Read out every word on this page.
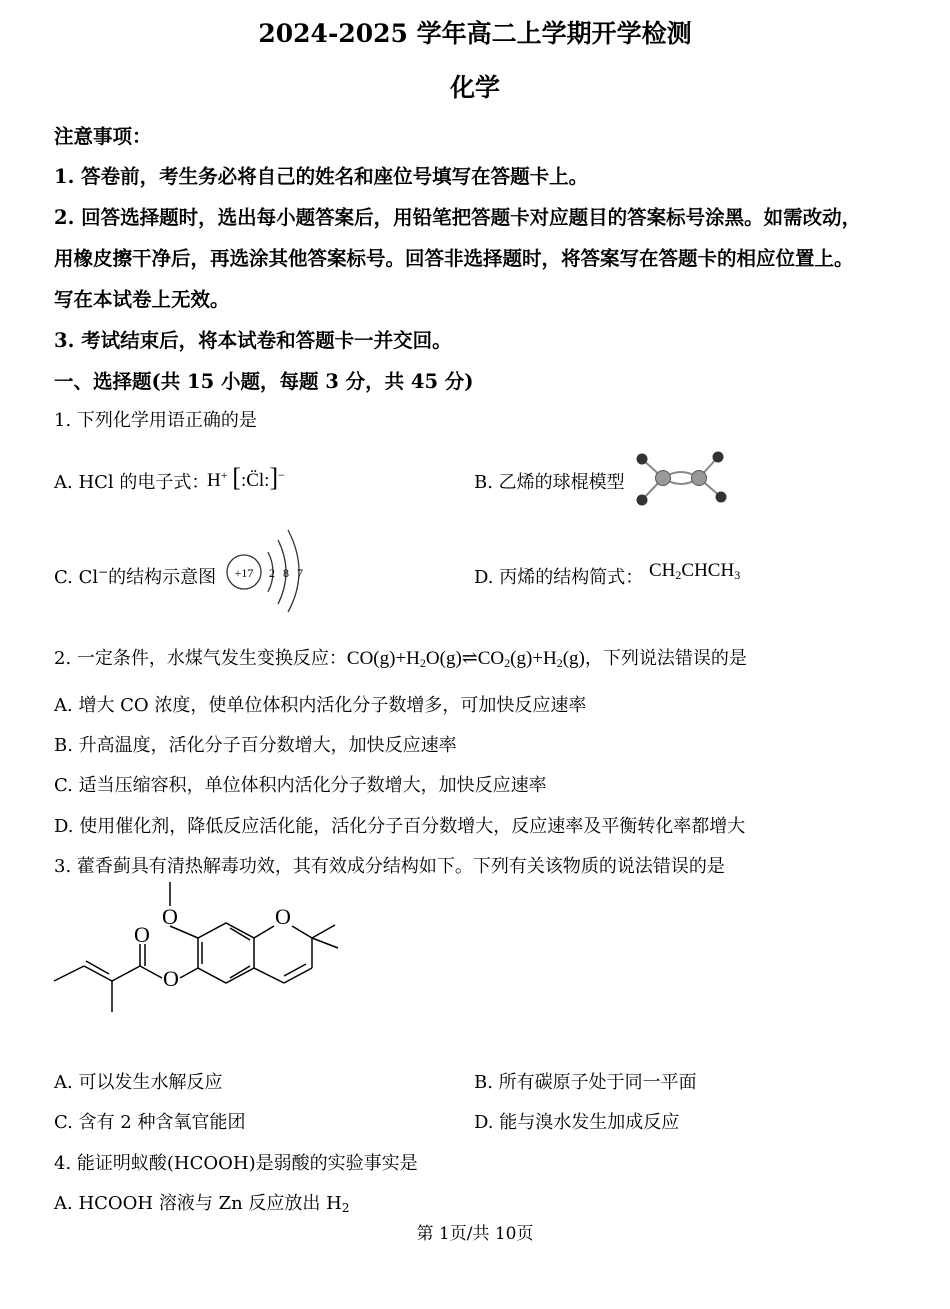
2024-2025 学年高二上学期开学检测
化学
注意事项：
1. 答卷前，考生务必将自己的姓名和座位号填写在答题卡上。
2. 回答选择题时，选出每小题答案后，用铅笔把答题卡对应题目的答案标号涂黑。如需改动，
用橡皮擦干净后，再选涂其他答案标号。回答非选择题时，将答案写在答题卡的相应位置上。
写在本试卷上无效。
3. 考试结束后，将本试卷和答题卡一并交回。
一、选择题(共 15 小题，每题 3 分，共 45 分)
1. 下列化学用语正确的是
A. HCl 的电子式：
H+ [:C̈l:]−	B. 乙烯的球棍模型
C. Cl−的结构示意图 +17 2 8 7	D. 丙烯的结构简式： $CH_2CHCH_3$
2. 一定条件，水煤气发生变换反应：$CO(g)+H_2O(g)\rightleftharpoons CO_2(g)+H_2(g)$，下列说法错误的是
A. 增大 CO 浓度，使单位体积内活化分子数增多，可加快反应速率
B. 升高温度，活化分子百分数增大，加快反应速率
C. 适当压缩容积，单位体积内活化分子数增大，加快反应速率
D. 使用催化剂，降低反应活化能，活化分子百分数增大，反应速率及平衡转化率都增大
3. 藿香蓟具有清热解毒功效，其有效成分结构如下。下列有关该物质的说法错误的是
O	O
O
O
A. 可以发生水解反应	B. 所有碳原子处于同一平面
C. 含有 2 种含氧官能团	D. 能与溴水发生加成反应
4. 能证明蚁酸(HCOOH)是弱酸的实验事实是
A. HCOOH 溶液与 Zn 反应放出 $H_2$
第 1页/共 10页
